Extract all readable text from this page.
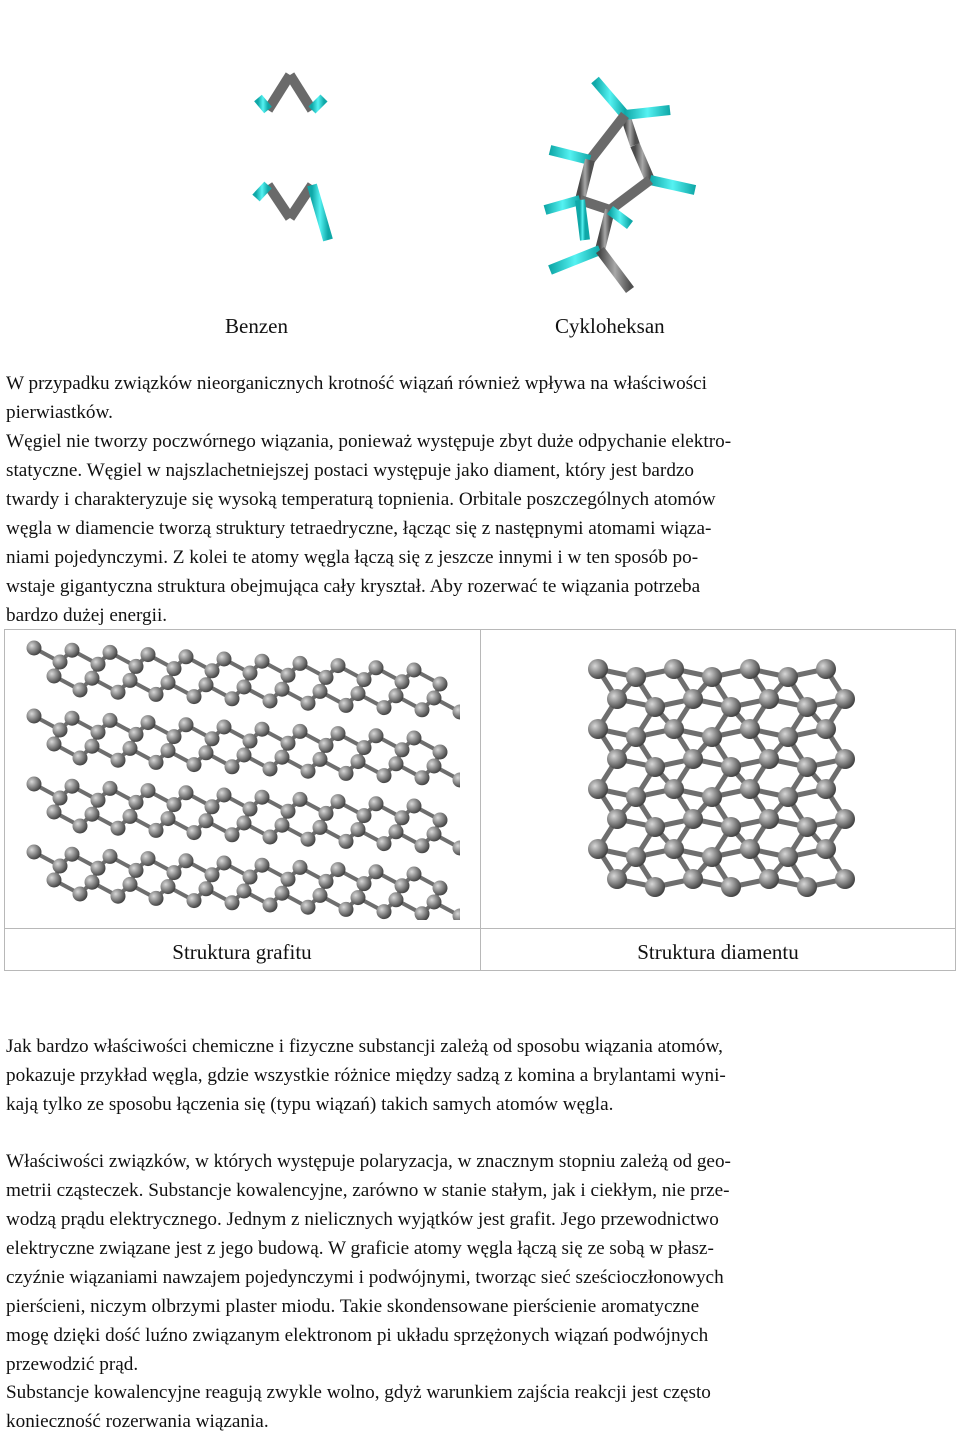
Benzen	Cykloheksan
W przypadku związków nieorganicznych krotność wiązań również wpływa na właściwości
pierwiastków.
Węgiel nie tworzy poczwórnego wiązania, ponieważ występuje zbyt duże odpychanie elektro-
statyczne. Węgiel w najszlachetniejszej postaci występuje jako diament, który jest bardzo
twardy i charakteryzuje się wysoką temperaturą topnienia. Orbitale poszczególnych atomów
węgla w diamencie tworzą struktury tetraedryczne, łącząc się z następnymi atomami wiąza-
niami pojedynczymi. Z kolei te atomy węgla łączą się z jeszcze innymi i w ten sposób po-
wstaje gigantyczna struktura obejmująca cały kryształ. Aby rozerwać te wiązania potrzeba
bardzo dużej energii.
Struktura grafitu	Struktura diamentu
Jak bardzo właściwości chemiczne i fizyczne substancji zależą od sposobu wiązania atomów,
pokazuje przykład węgla, gdzie wszystkie różnice między sadzą z komina a brylantami wyni-
kają tylko ze sposobu łączenia się (typu wiązań) takich samych atomów węgla.
Właściwości związków, w których występuje polaryzacja, w znacznym stopniu zależą od geo-
metrii cząsteczek. Substancje kowalencyjne, zarówno w stanie stałym, jak i ciekłym, nie prze-
wodzą prądu elektrycznego. Jednym z nielicznych wyjątków jest grafit. Jego przewodnictwo
elektryczne związane jest z jego budową. W graficie atomy węgla łączą się ze sobą w płasz-
czyźnie wiązaniami nawzajem pojedynczymi i podwójnymi, tworząc sieć sześcioczłonowych
pierścieni, niczym olbrzymi plaster miodu. Takie skondensowane pierścienie aromatyczne
mogę dzięki dość luźno związanym elektronom pi układu sprzężonych wiązań podwójnych
przewodzić prąd.
Substancje kowalencyjne reagują zwykle wolno, gdyż warunkiem zajścia reakcji jest często
konieczność rozerwania wiązania.
